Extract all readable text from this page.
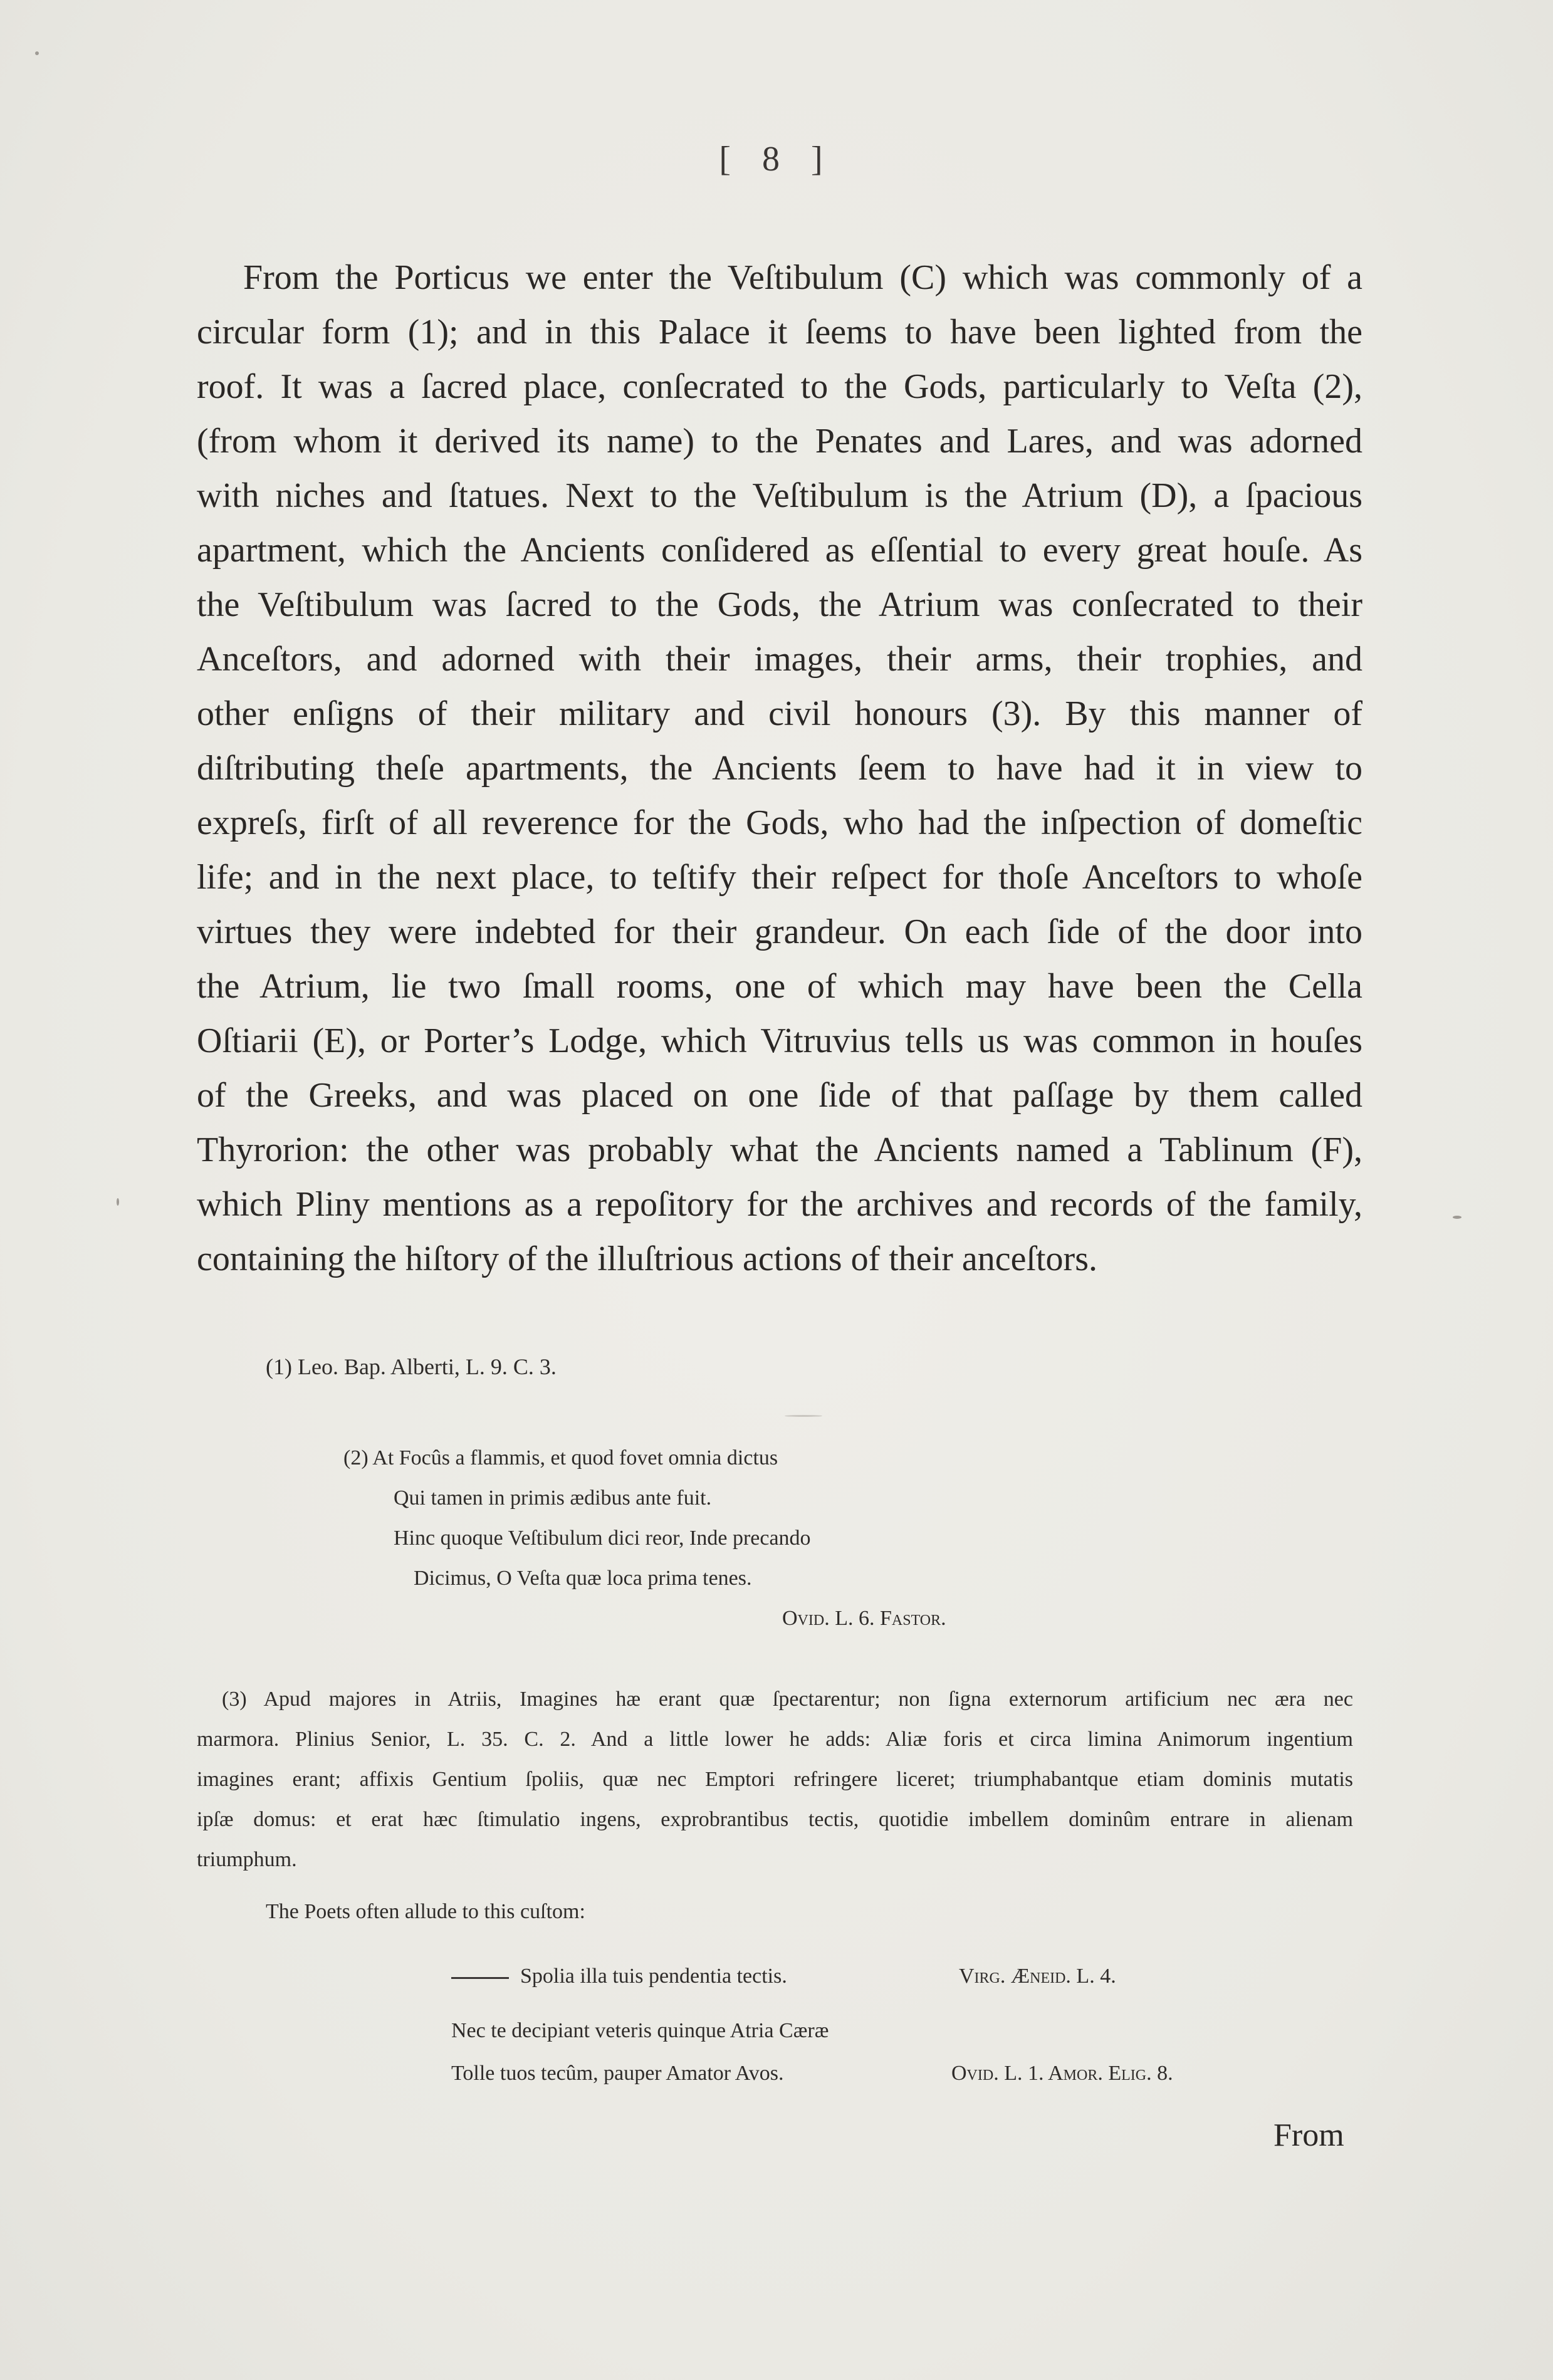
[ 8 ]
From the Porticus we enter the Veſtibulum (C) which was commonly of a
circular form (1); and in this Palace it ſeems to have been lighted from the
roof. It was a ſacred place, conſecrated to the Gods, particularly to Veſta (2),
(from whom it derived its name) to the Penates and Lares, and was adorned
with niches and ſtatues. Next to the Veſtibulum is the Atrium (D), a ſpacious
apartment, which the Ancients conſidered as eſſential to every great houſe. As
the Veſtibulum was ſacred to the Gods, the Atrium was conſecrated to their
Anceſtors, and adorned with their images, their arms, their trophies, and
other enſigns of their military and civil honours (3). By this manner of
diſtributing theſe apartments, the Ancients ſeem to have had it in view to
expreſs, firſt of all reverence for the Gods, who had the inſpection of domeſtic
life; and in the next place, to teſtify their reſpect for thoſe Anceſtors to whoſe
virtues they were indebted for their grandeur. On each ſide of the door into
the Atrium, lie two ſmall rooms, one of which may have been the Cella
Oſtiarii (E), or Porter’s Lodge, which Vitruvius tells us was common in houſes
of the Greeks, and was placed on one ſide of that paſſage by them called
Thyrorion: the other was probably what the Ancients named a Tablinum (F),
which Pliny mentions as a repoſitory for the archives and records of the family,
containing the hiſtory of the illuſtrious actions of their anceſtors.
(1) Leo. Bap. Alberti, L. 9. C. 3.
(2) At Focûs a flammis, et quod fovet omnia dictus
Qui tamen in primis ædibus ante fuit.
Hinc quoque Veſtibulum dici reor, Inde precando
Dicimus, O Veſta quæ loca prima tenes.
Ovid. L. 6. Faſtor.
(3) Apud majores in Atriis, Imagines hæ erant quæ ſpectarentur; non ſigna externorum artificium nec æra nec
marmora. Plinius Senior, L. 35. C. 2. And a little lower he adds: Aliæ foris et circa limina Animorum ingentium
imagines erant; affixis Gentium ſpoliis, quæ nec Emptori refringere liceret; triumphabantque etiam dominis mutatis
ipſæ domus: et erat hæc ſtimulatio ingens, exprobrantibus tectis, quotidie imbellem dominûm entrare in alienam
triumphum.
The Poets often allude to this cuſtom:
Spolia illa tuis pendentia tectis.	Virg. Æneid. L. 4.
Nec te decipiant veteris quinque Atria Cæræ
Tolle tuos tecûm, pauper Amator Avos.	Ovid. L. 1. Amor. Elig. 8.
From
